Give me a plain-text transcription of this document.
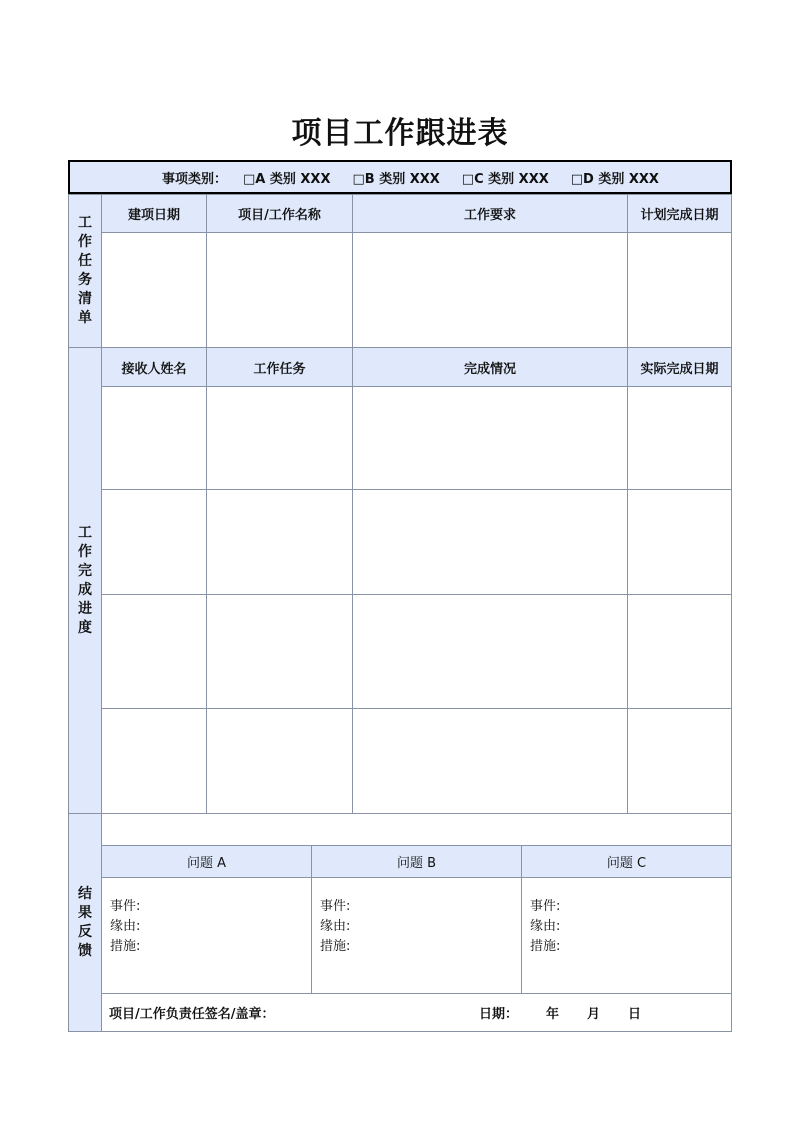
项目工作跟进表
事项类别： □A 类别 XXX □B 类别 XXX □C 类别 XXX □D 类别 XXX
工
作
任
务
清
单
建项日期	项目/工作名称	工作要求	计划完成日期
工
作
完
成
进
度
接收人姓名	工作任务	完成情况	实际完成日期
结
果
反
馈
问题 A	问题 B	问题 C
事件:
缘由:
措施:
事件:
缘由:
措施:
事件:
缘由:
措施:
项目/工作负责任签名/盖章：	日期：	年	月	日
